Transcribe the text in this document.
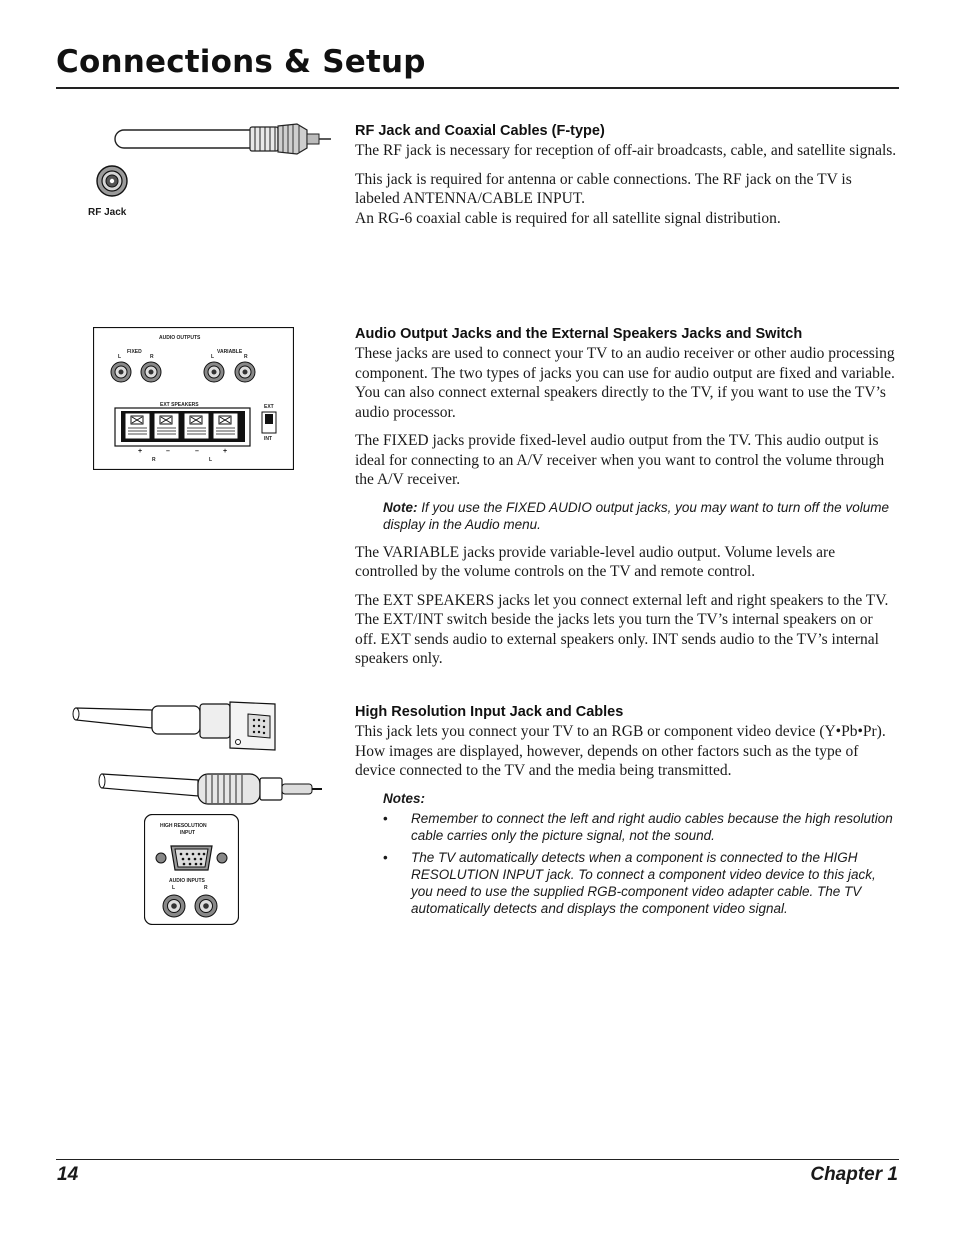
Connections & Setup
RF Jack
RF Jack and Coaxial Cables (F-type)

The RF jack is necessary for reception of off-air broadcasts, cable, and satellite signals.

This jack is required for antenna or cable connections. The RF jack on the TV is labeled ANTENNA/CABLE INPUT.

An RG-6 coaxial cable is required for all satellite signal distribution.

AUDIO OUTPUTS
FIXED	VARIABLE
L	R	L	R
EXT SPEAKERS
+	–	–	+
R	L
EXT
INT
Audio Output Jacks and the External Speakers Jacks and Switch

These jacks are used to connect your TV to an audio receiver or other audio processing component. The two types of jacks you can use for audio output are fixed and variable. You can also connect external speakers directly to the TV, if you want to use the TV’s audio processor.

The FIXED jacks provide fixed-level audio output from the TV. This audio output is ideal for connecting to an A/V receiver when you want to control the volume through the A/V receiver.

Note: If you use the FIXED AUDIO output jacks, you may want to turn off the volume display in the Audio menu.

The VARIABLE jacks provide variable-level audio output. Volume levels are controlled by the volume controls on the TV and remote control.

The EXT SPEAKERS jacks let you connect external left and right speakers to the TV. The EXT/INT switch beside the jacks lets you turn the TV’s internal speakers on or off. EXT sends audio to external speakers only. INT sends audio to the TV’s internal speakers only.

HIGH RESOLUTION
INPUT
AUDIO INPUTS
L	R
High Resolution Input Jack and Cables

This jack lets you connect your TV to an RGB or component video device (Y•Pb•Pr). How images are displayed, however, depends on other factors such as the type of device connected to the TV and the media being transmitted.

Notes:
• Remember to connect the left and right audio cables because the high resolution cable carries only the picture signal, not the sound.
• The TV automatically detects when a component is connected to the HIGH RESOLUTION INPUT jack. To connect a component video device to this jack, you need to use the supplied RGB-component video adapter cable. The TV automatically detects and displays the component video signal.
14	Chapter 1
